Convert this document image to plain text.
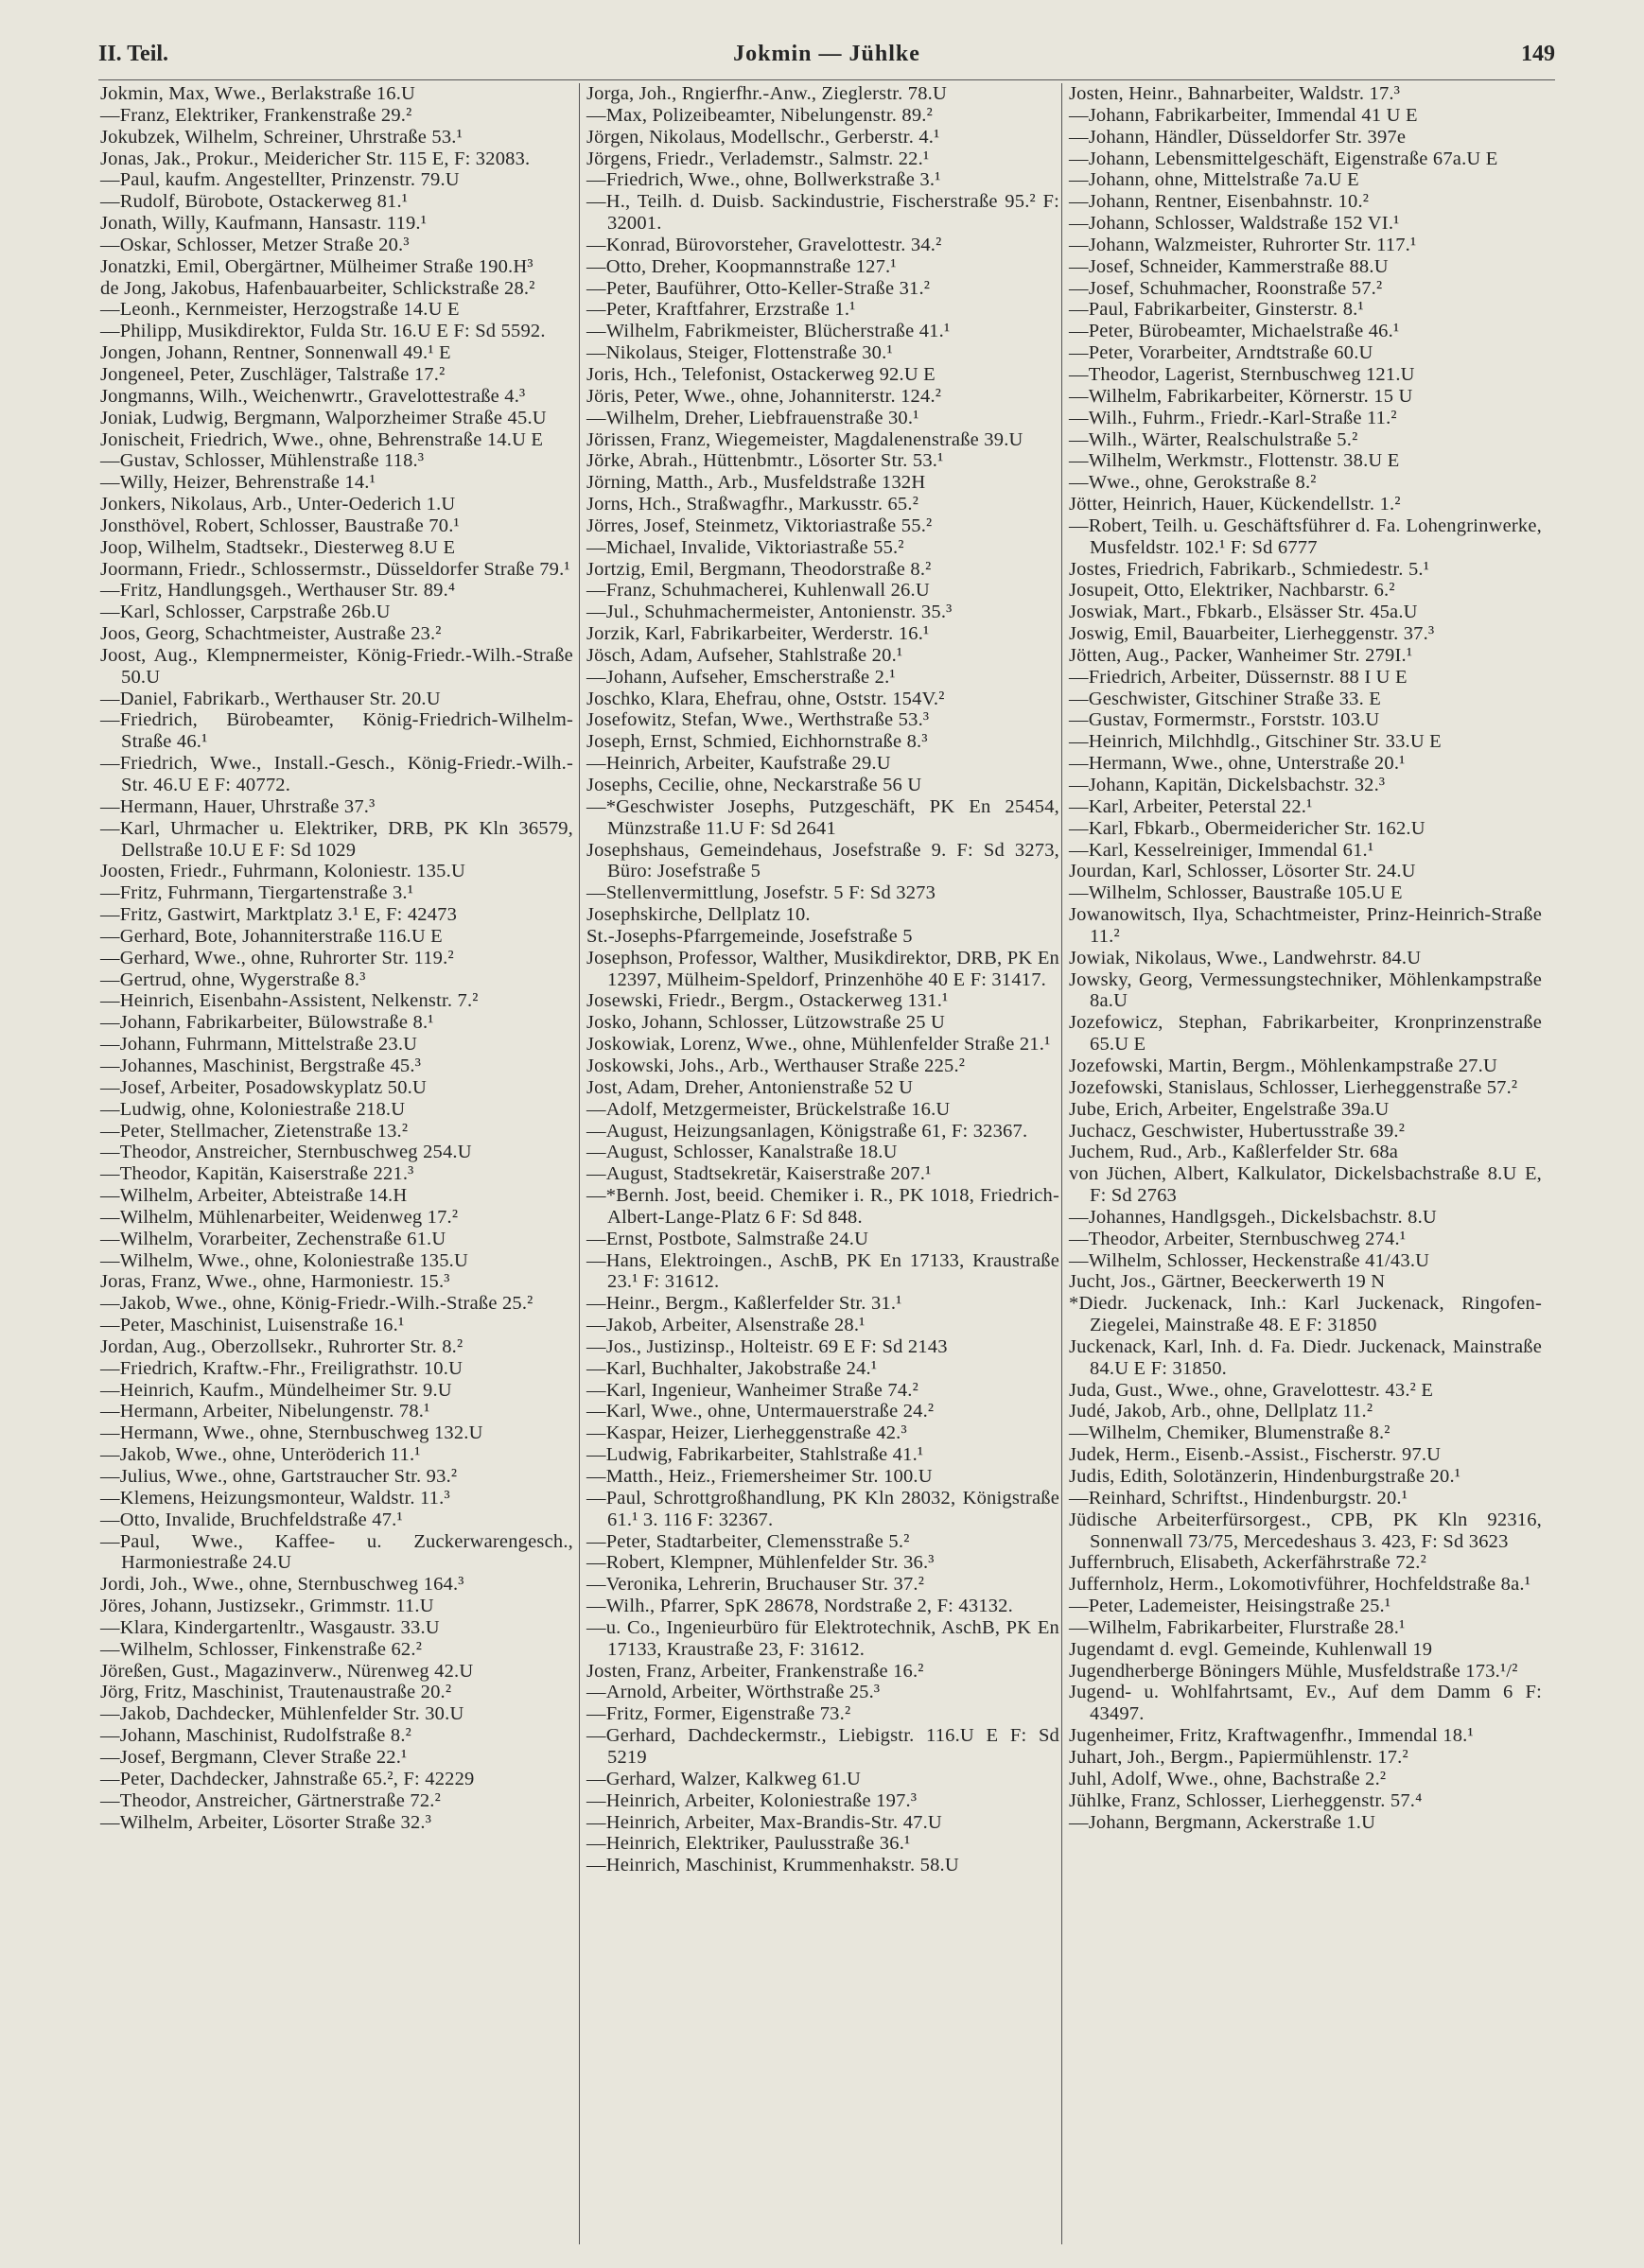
II. Teil.	Jokmin — Jühlke	149
Jokmin, Max, Wwe., Berlakstraße 16.U
—Franz, Elektriker, Frankenstraße 29.²
Jokubzek, Wilhelm, Schreiner, Uhrstraße 53.¹
Jonas, Jak., Prokur., Meidericher Str. 115 E, F: 32083.
—Paul, kaufm. Angestellter, Prinzenstr. 79.U
—Rudolf, Bürobote, Ostackerweg 81.¹
Jonath, Willy, Kaufmann, Hansastr. 119.¹
—Oskar, Schlosser, Metzer Straße 20.³
Jonatzki, Emil, Obergärtner, Mülheimer Straße 190.H³
de Jong, Jakobus, Hafenbauarbeiter, Schlickstraße 28.²
—Leonh., Kernmeister, Herzogstraße 14.U E
—Philipp, Musikdirektor, Fulda Str. 16.U E F: Sd 5592.
Jongen, Johann, Rentner, Sonnenwall 49.¹ E
Jongeneel, Peter, Zuschläger, Talstraße 17.²
Jongmanns, Wilh., Weichenwrtr., Gravelottestraße 4.³
Joniak, Ludwig, Bergmann, Walporzheimer Straße 45.U
Jonischeit, Friedrich, Wwe., ohne, Behrenstraße 14.U E
—Gustav, Schlosser, Mühlenstraße 118.³
—Willy, Heizer, Behrenstraße 14.¹
Jonkers, Nikolaus, Arb., Unter-Oederich 1.U
Jonsthövel, Robert, Schlosser, Baustraße 70.¹
Joop, Wilhelm, Stadtsekr., Diesterweg 8.U E
Joormann, Friedr., Schlossermstr., Düsseldorfer Straße 79.¹
—Fritz, Handlungsgeh., Werthauser Str. 89.⁴
—Karl, Schlosser, Carpstraße 26b.U
Joos, Georg, Schachtmeister, Austraße 23.²
Joost, Aug., Klempnermeister, König-Friedr.-Wilh.-Straße 50.U
—Daniel, Fabrikarb., Werthauser Str. 20.U
—Friedrich, Bürobeamter, König-Friedrich-Wilhelm-Straße 46.¹
—Friedrich, Wwe., Install.-Gesch., König-Friedr.-Wilh.-Str. 46.U E F: 40772.
—Hermann, Hauer, Uhrstraße 37.³
—Karl, Uhrmacher u. Elektriker, DRB, PK Kln 36579, Dellstraße 10.U E F: Sd 1029
Joosten, Friedr., Fuhrmann, Koloniestr. 135.U
—Fritz, Fuhrmann, Tiergartenstraße 3.¹
—Fritz, Gastwirt, Marktplatz 3.¹ E, F: 42473
—Gerhard, Bote, Johanniterstraße 116.U E
—Gerhard, Wwe., ohne, Ruhrorter Str. 119.²
—Gertrud, ohne, Wygerstraße 8.³
—Heinrich, Eisenbahn-Assistent, Nelkenstr. 7.²
—Johann, Fabrikarbeiter, Bülowstraße 8.¹
—Johann, Fuhrmann, Mittelstraße 23.U
—Johannes, Maschinist, Bergstraße 45.³
—Josef, Arbeiter, Posadowskyplatz 50.U
—Ludwig, ohne, Koloniestraße 218.U
—Peter, Stellmacher, Zietenstraße 13.²
—Theodor, Anstreicher, Sternbuschweg 254.U
—Theodor, Kapitän, Kaiserstraße 221.³
—Wilhelm, Arbeiter, Abteistraße 14.H
—Wilhelm, Mühlenarbeiter, Weidenweg 17.²
—Wilhelm, Vorarbeiter, Zechenstraße 61.U
—Wilhelm, Wwe., ohne, Koloniestraße 135.U
Joras, Franz, Wwe., ohne, Harmoniestr. 15.³
—Jakob, Wwe., ohne, König-Friedr.-Wilh.-Straße 25.²
—Peter, Maschinist, Luisenstraße 16.¹
Jordan, Aug., Oberzollsekr., Ruhrorter Str. 8.²
—Friedrich, Kraftw.-Fhr., Freiligrathstr. 10.U
—Heinrich, Kaufm., Mündelheimer Str. 9.U
—Hermann, Arbeiter, Nibelungenstr. 78.¹
—Hermann, Wwe., ohne, Sternbuschweg 132.U
—Jakob, Wwe., ohne, Unteröderich 11.¹
—Julius, Wwe., ohne, Gartstraucher Str. 93.²
—Klemens, Heizungsmonteur, Waldstr. 11.³
—Otto, Invalide, Bruchfeldstraße 47.¹
—Paul, Wwe., Kaffee- u. Zuckerwarengesch., Harmoniestraße 24.U
Jordi, Joh., Wwe., ohne, Sternbuschweg 164.³
Jöres, Johann, Justizsekr., Grimmstr. 11.U
—Klara, Kindergartenltr., Wasgaustr. 33.U
—Wilhelm, Schlosser, Finkenstraße 62.²
Jöreßen, Gust., Magazinverw., Nürenweg 42.U
Jörg, Fritz, Maschinist, Trautenaustraße 20.²
—Jakob, Dachdecker, Mühlenfelder Str. 30.U
—Johann, Maschinist, Rudolfstraße 8.²
—Josef, Bergmann, Clever Straße 22.¹
—Peter, Dachdecker, Jahnstraße 65.², F: 42229
—Theodor, Anstreicher, Gärtnerstraße 72.²
—Wilhelm, Arbeiter, Lösorter Straße 32.³
Jorga, Joh., Rngierfhr.-Anw., Zieglerstr. 78.U
—Max, Polizeibeamter, Nibelungenstr. 89.²
Jörgen, Nikolaus, Modellschr., Gerberstr. 4.¹
Jörgens, Friedr., Verlademstr., Salmstr. 22.¹
—Friedrich, Wwe., ohne, Bollwerkstraße 3.¹
—H., Teilh. d. Duisb. Sackindustrie, Fischerstraße 95.² F: 32001.
—Konrad, Bürovorsteher, Gravelottestr. 34.²
—Otto, Dreher, Koopmannstraße 127.¹
—Peter, Bauführer, Otto-Keller-Straße 31.²
—Peter, Kraftfahrer, Erzstraße 1.¹
—Wilhelm, Fabrikmeister, Blücherstraße 41.¹
—Nikolaus, Steiger, Flottenstraße 30.¹
Joris, Hch., Telefonist, Ostackerweg 92.U E
Jöris, Peter, Wwe., ohne, Johanniterstr. 124.²
—Wilhelm, Dreher, Liebfrauenstraße 30.¹
Jörissen, Franz, Wiegemeister, Magdalenenstraße 39.U
Jörke, Abrah., Hüttenbmtr., Lösorter Str. 53.¹
Jörning, Matth., Arb., Musfeldstraße 132H
Jorns, Hch., Straßwagfhr., Markusstr. 65.²
Jörres, Josef, Steinmetz, Viktoriastraße 55.²
—Michael, Invalide, Viktoriastraße 55.²
Jortzig, Emil, Bergmann, Theodorstraße 8.²
—Franz, Schuhmacherei, Kuhlenwall 26.U
—Jul., Schuhmachermeister, Antonienstr. 35.³
Jorzik, Karl, Fabrikarbeiter, Werderstr. 16.¹
Jösch, Adam, Aufseher, Stahlstraße 20.¹
—Johann, Aufseher, Emscherstraße 2.¹
Joschko, Klara, Ehefrau, ohne, Oststr. 154V.²
Josefowitz, Stefan, Wwe., Werthstraße 53.³
Joseph, Ernst, Schmied, Eichhornstraße 8.³
—Heinrich, Arbeiter, Kaufstraße 29.U
Josephs, Cecilie, ohne, Neckarstraße 56 U
—*Geschwister Josephs, Putzgeschäft, PK En 25454, Münzstraße 11.U F: Sd 2641
Josephshaus, Gemeindehaus, Josefstraße 9. F: Sd 3273, Büro: Josefstraße 5
—Stellenvermittlung, Josefstr. 5 F: Sd 3273
Josephskirche, Dellplatz 10.
St.-Josephs-Pfarrgemeinde, Josefstraße 5
Josephson, Professor, Walther, Musikdirektor, DRB, PK En 12397, Mülheim-Speldorf, Prinzenhöhe 40 E F: 31417.
Josewski, Friedr., Bergm., Ostackerweg 131.¹
Josko, Johann, Schlosser, Lützowstraße 25 U
Joskowiak, Lorenz, Wwe., ohne, Mühlenfelder Straße 21.¹
Joskowski, Johs., Arb., Werthauser Straße 225.²
Jost, Adam, Dreher, Antonienstraße 52 U
—Adolf, Metzgermeister, Brückelstraße 16.U
—August, Heizungsanlagen, Königstraße 61, F: 32367.
—August, Schlosser, Kanalstraße 18.U
—August, Stadtsekretär, Kaiserstraße 207.¹
—*Bernh. Jost, beeid. Chemiker i. R., PK 1018, Friedrich-Albert-Lange-Platz 6 F: Sd 848.
—Ernst, Postbote, Salmstraße 24.U
—Hans, Elektroingen., AschB, PK En 17133, Kraustraße 23.¹ F: 31612.
—Heinr., Bergm., Kaßlerfelder Str. 31.¹
—Jakob, Arbeiter, Alsenstraße 28.¹
—Jos., Justizinsp., Holteistr. 69 E F: Sd 2143
—Karl, Buchhalter, Jakobstraße 24.¹
—Karl, Ingenieur, Wanheimer Straße 74.²
—Karl, Wwe., ohne, Untermauerstraße 24.²
—Kaspar, Heizer, Lierheggenstraße 42.³
—Ludwig, Fabrikarbeiter, Stahlstraße 41.¹
—Matth., Heiz., Friemersheimer Str. 100.U
—Paul, Schrottgroßhandlung, PK Kln 28032, Königstraße 61.¹ 3. 116 F: 32367.
—Peter, Stadtarbeiter, Clemensstraße 5.²
—Robert, Klempner, Mühlenfelder Str. 36.³
—Veronika, Lehrerin, Bruchauser Str. 37.²
—Wilh., Pfarrer, SpK 28678, Nordstraße 2, F: 43132.
—u. Co., Ingenieurbüro für Elektrotechnik, AschB, PK En 17133, Kraustraße 23, F: 31612.
Josten, Franz, Arbeiter, Frankenstraße 16.²
—Arnold, Arbeiter, Wörthstraße 25.³
—Fritz, Former, Eigenstraße 73.²
—Gerhard, Dachdeckermstr., Liebigstr. 116.U E F: Sd 5219
—Gerhard, Walzer, Kalkweg 61.U
—Heinrich, Arbeiter, Koloniestraße 197.³
—Heinrich, Arbeiter, Max-Brandis-Str. 47.U
—Heinrich, Elektriker, Paulusstraße 36.¹
—Heinrich, Maschinist, Krummenhakstr. 58.U
Josten, Heinr., Bahnarbeiter, Waldstr. 17.³
—Johann, Fabrikarbeiter, Immendal 41 U E
—Johann, Händler, Düsseldorfer Str. 397e
—Johann, Lebensmittelgeschäft, Eigenstraße 67a.U E
—Johann, ohne, Mittelstraße 7a.U E
—Johann, Rentner, Eisenbahnstr. 10.²
—Johann, Schlosser, Waldstraße 152 VI.¹
—Johann, Walzmeister, Ruhrorter Str. 117.¹
—Josef, Schneider, Kammerstraße 88.U
—Josef, Schuhmacher, Roonstraße 57.²
—Paul, Fabrikarbeiter, Ginsterstr. 8.¹
—Peter, Bürobeamter, Michaelstraße 46.¹
—Peter, Vorarbeiter, Arndtstraße 60.U
—Theodor, Lagerist, Sternbuschweg 121.U
—Wilhelm, Fabrikarbeiter, Körnerstr. 15 U
—Wilh., Fuhrm., Friedr.-Karl-Straße 11.²
—Wilh., Wärter, Realschulstraße 5.²
—Wilhelm, Werkmstr., Flottenstr. 38.U E
—Wwe., ohne, Gerokstraße 8.²
Jötter, Heinrich, Hauer, Kückendellstr. 1.²
—Robert, Teilh. u. Geschäftsführer d. Fa. Lohengrinwerke, Musfeldstr. 102.¹ F: Sd 6777
Jostes, Friedrich, Fabrikarb., Schmiedestr. 5.¹
Josupeit, Otto, Elektriker, Nachbarstr. 6.²
Joswiak, Mart., Fbkarb., Elsässer Str. 45a.U
Joswig, Emil, Bauarbeiter, Lierheggenstr. 37.³
Jötten, Aug., Packer, Wanheimer Str. 279I.¹
—Friedrich, Arbeiter, Düssernstr. 88 I U E
—Geschwister, Gitschiner Straße 33. E
—Gustav, Formermstr., Forststr. 103.U
—Heinrich, Milchhdlg., Gitschiner Str. 33.U E
—Hermann, Wwe., ohne, Unterstraße 20.¹
—Johann, Kapitän, Dickelsbachstr. 32.³
—Karl, Arbeiter, Peterstal 22.¹
—Karl, Fbkarb., Obermeidericher Str. 162.U
—Karl, Kesselreiniger, Immendal 61.¹
Jourdan, Karl, Schlosser, Lösorter Str. 24.U
—Wilhelm, Schlosser, Baustraße 105.U E
Jowanowitsch, Ilya, Schachtmeister, Prinz-Heinrich-Straße 11.²
Jowiak, Nikolaus, Wwe., Landwehrstr. 84.U
Jowsky, Georg, Vermessungstechniker, Möhlenkampstraße 8a.U
Jozefowicz, Stephan, Fabrikarbeiter, Kronprinzenstraße 65.U E
Jozefowski, Martin, Bergm., Möhlenkampstraße 27.U
Jozefowski, Stanislaus, Schlosser, Lierheggenstraße 57.²
Jube, Erich, Arbeiter, Engelstraße 39a.U
Juchacz, Geschwister, Hubertusstraße 39.²
Juchem, Rud., Arb., Kaßlerfelder Str. 68a
von Jüchen, Albert, Kalkulator, Dickelsbachstraße 8.U E, F: Sd 2763
—Johannes, Handlgsgeh., Dickelsbachstr. 8.U
—Theodor, Arbeiter, Sternbuschweg 274.¹
—Wilhelm, Schlosser, Heckenstraße 41/43.U
Jucht, Jos., Gärtner, Beeckerwerth 19 N
*Diedr. Juckenack, Inh.: Karl Juckenack, Ringofen-Ziegelei, Mainstraße 48. E F: 31850
Juckenack, Karl, Inh. d. Fa. Diedr. Juckenack, Mainstraße 84.U E F: 31850.
Juda, Gust., Wwe., ohne, Gravelottestr. 43.² E
Judé, Jakob, Arb., ohne, Dellplatz 11.²
—Wilhelm, Chemiker, Blumenstraße 8.²
Judek, Herm., Eisenb.-Assist., Fischerstr. 97.U
Judis, Edith, Solotänzerin, Hindenburgstraße 20.¹
—Reinhard, Schriftst., Hindenburgstr. 20.¹
Jüdische Arbeiterfürsorgest., CPB, PK Kln 92316, Sonnenwall 73/75, Mercedeshaus 3. 423, F: Sd 3623
Juffernbruch, Elisabeth, Ackerfährstraße 72.²
Juffernholz, Herm., Lokomotivführer, Hochfeldstraße 8a.¹
—Peter, Lademeister, Heisingstraße 25.¹
—Wilhelm, Fabrikarbeiter, Flurstraße 28.¹
Jugendamt d. evgl. Gemeinde, Kuhlenwall 19
Jugendherberge Böningers Mühle, Musfeldstraße 173.¹/²
Jugend- u. Wohlfahrtsamt, Ev., Auf dem Damm 6 F: 43497.
Jugenheimer, Fritz, Kraftwagenfhr., Immendal 18.¹
Juhart, Joh., Bergm., Papiermühlenstr. 17.²
Juhl, Adolf, Wwe., ohne, Bachstraße 2.²
Jühlke, Franz, Schlosser, Lierheggenstr. 57.⁴
—Johann, Bergmann, Ackerstraße 1.U
